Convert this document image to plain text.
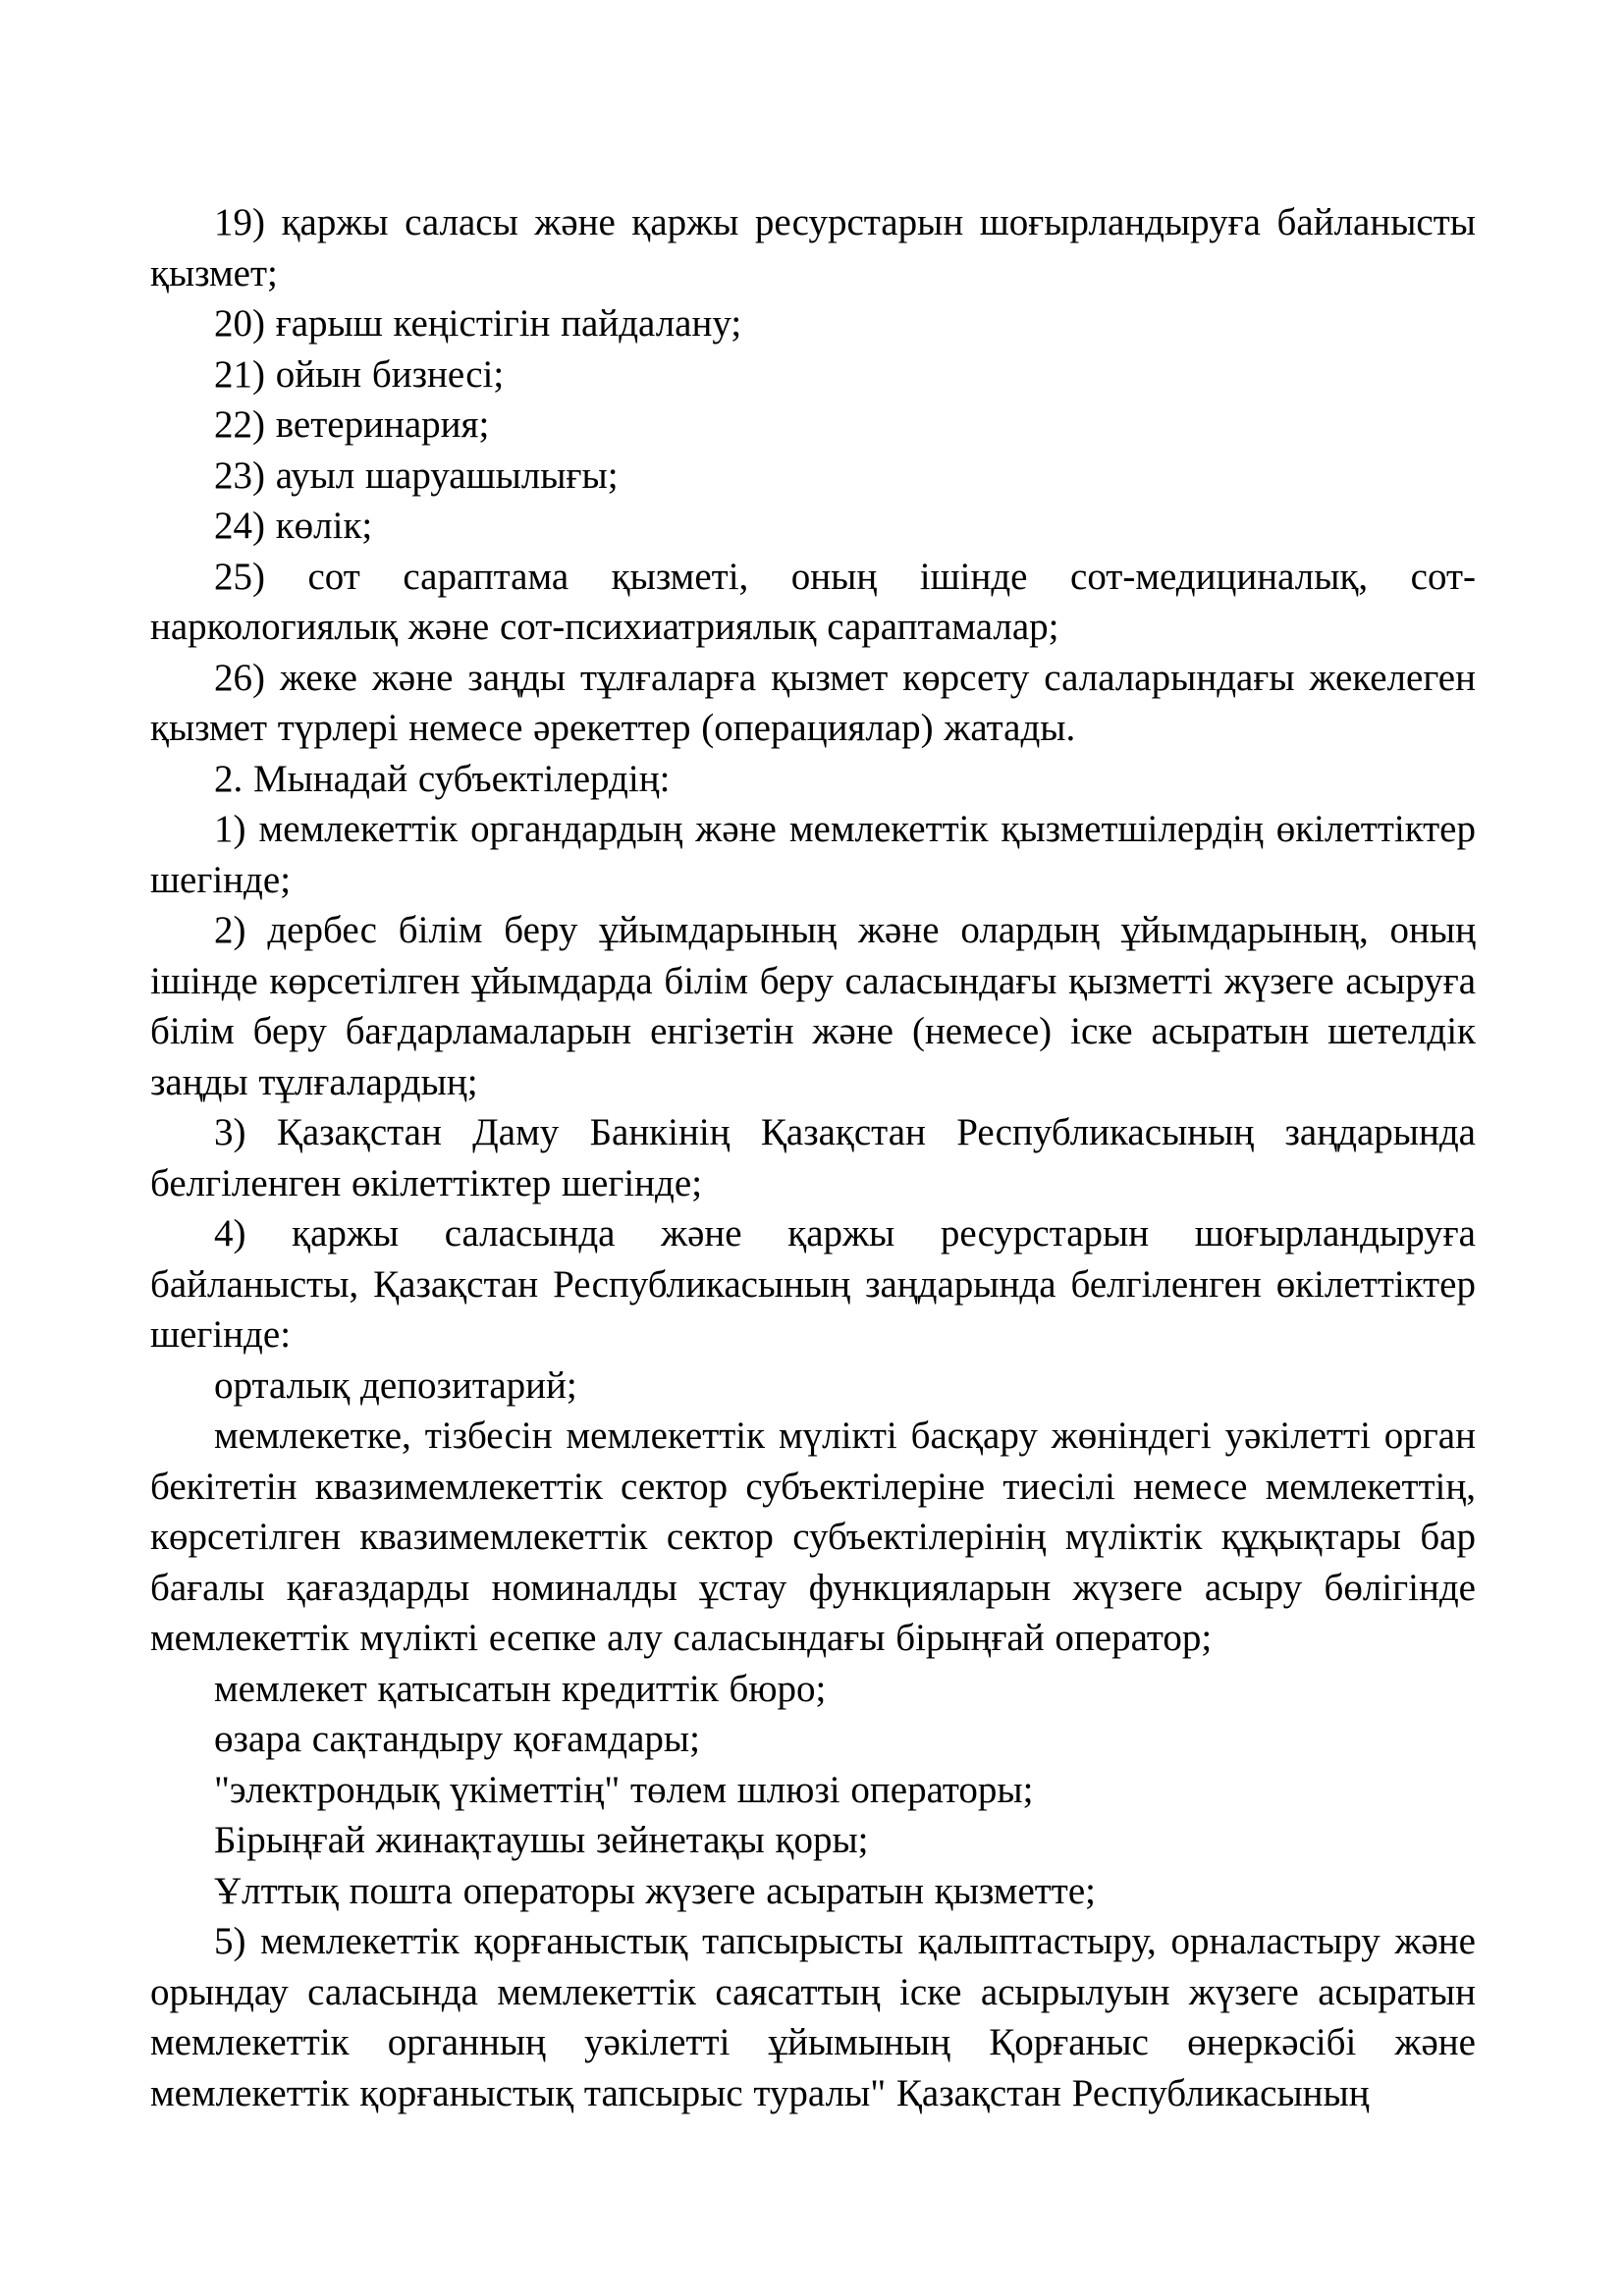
19) қаржы саласы және қаржы ресурстарын шоғырландыруға байланысты қызмет;

20) ғарыш кеңістігін пайдалану;

21) ойын бизнесі;

22) ветеринария;

23) ауыл шаруашылығы;

24) көлік;

25) сот сараптама қызметі, оның ішінде сот-медициналық, сот-наркологиялық және сот-психиатриялық сараптамалар;

26) жеке және заңды тұлғаларға қызмет көрсету салаларындағы жекелеген қызмет түрлері немесе әрекеттер (операциялар) жатады.

2. Мынадай субъектілердің:

1) мемлекеттік органдардың және мемлекеттік қызметшілердің өкілеттіктер шегінде;

2) дербес білім беру ұйымдарының және олардың ұйымдарының, оның ішінде көрсетілген ұйымдарда білім беру саласындағы қызметті жүзеге асыруға білім беру бағдарламаларын енгізетін және (немесе) іске асыратын шетелдік заңды тұлғалардың;

3) Қазақстан Даму Банкінің Қазақстан Республикасының заңдарында белгіленген өкілеттіктер шегінде;

4) қаржы саласында және қаржы ресурстарын шоғырландыруға байланысты, Қазақстан Республикасының заңдарында белгіленген өкілеттіктер шегінде:

орталық депозитарий;

мемлекетке, тізбесін мемлекеттік мүлікті басқару жөніндегі уәкілетті орган бекітетін квазимемлекеттік сектор субъектілеріне тиесілі немесе мемлекеттің, көрсетілген квазимемлекеттік сектор субъектілерінің мүліктік құқықтары бар бағалы қағаздарды номиналды ұстау функцияларын жүзеге асыру бөлігінде мемлекеттік мүлікті есепке алу саласындағы бірыңғай оператор;

мемлекет қатысатын кредиттік бюро;

өзара сақтандыру қоғамдары;

"электрондық үкіметтің" төлем шлюзі операторы;

Бірыңғай жинақтаушы зейнетақы қоры;

Ұлттық пошта операторы жүзеге асыратын қызметте;

5) мемлекеттік қорғаныстық тапсырысты қалыптастыру, орналастыру және орындау саласында мемлекеттік саясаттың іске асырылуын жүзеге асыратын мемлекеттік органның уәкілетті ұйымының Қорғаныс өнеркәсібі және мемлекеттік қорғаныстық тапсырыс туралы" Қазақстан Республикасының
